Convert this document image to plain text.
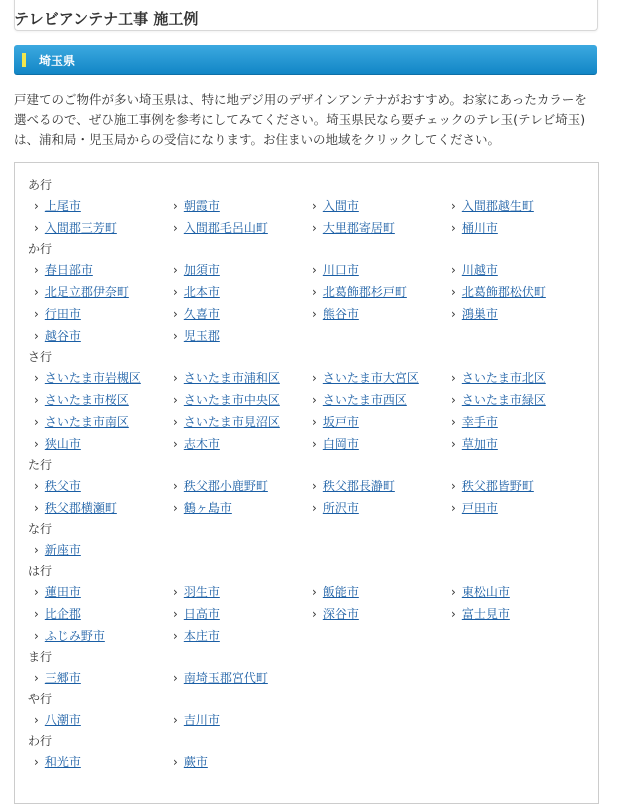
テレビアンテナ工事 施工例
埼玉県
戸建てのご物件が多い埼玉県は、特に地デジ用のデザインアンテナがおすすめ。お家にあったカラーを選べるので、ぜひ施工事例を参考にしてみてください。埼玉県民なら要チェックのテレ玉(テレビ埼玉)は、浦和局・児玉局からの受信になります。お住まいの地域をクリックしてください。
あ行
› 上尾市	› 朝霞市	› 入間市	› 入間郡越生町
› 入間郡三芳町	› 入間郡毛呂山町	› 大里郡寄居町	› 桶川市
か行
› 春日部市	› 加須市	› 川口市	› 川越市
› 北足立郡伊奈町	› 北本市	› 北葛飾郡杉戸町	› 北葛飾郡松伏町
› 行田市	› 久喜市	› 熊谷市	› 鴻巣市
› 越谷市	› 児玉郡
さ行
› さいたま市岩槻区	› さいたま市浦和区	› さいたま市大宮区	› さいたま市北区
› さいたま市桜区	› さいたま市中央区	› さいたま市西区	› さいたま市緑区
› さいたま市南区	› さいたま市見沼区	› 坂戸市	› 幸手市
› 狭山市	› 志木市	› 白岡市	› 草加市
た行
› 秩父市	› 秩父郡小鹿野町	› 秩父郡長瀞町	› 秩父郡皆野町
› 秩父郡横瀬町	› 鶴ヶ島市	› 所沢市	› 戸田市
な行
› 新座市
は行
› 蓮田市	› 羽生市	› 飯能市	› 東松山市
› 比企郡	› 日高市	› 深谷市	› 富士見市
› ふじみ野市	› 本庄市
ま行
› 三郷市	› 南埼玉郡宮代町
や行
› 八潮市	› 吉川市
わ行
› 和光市	› 蕨市
